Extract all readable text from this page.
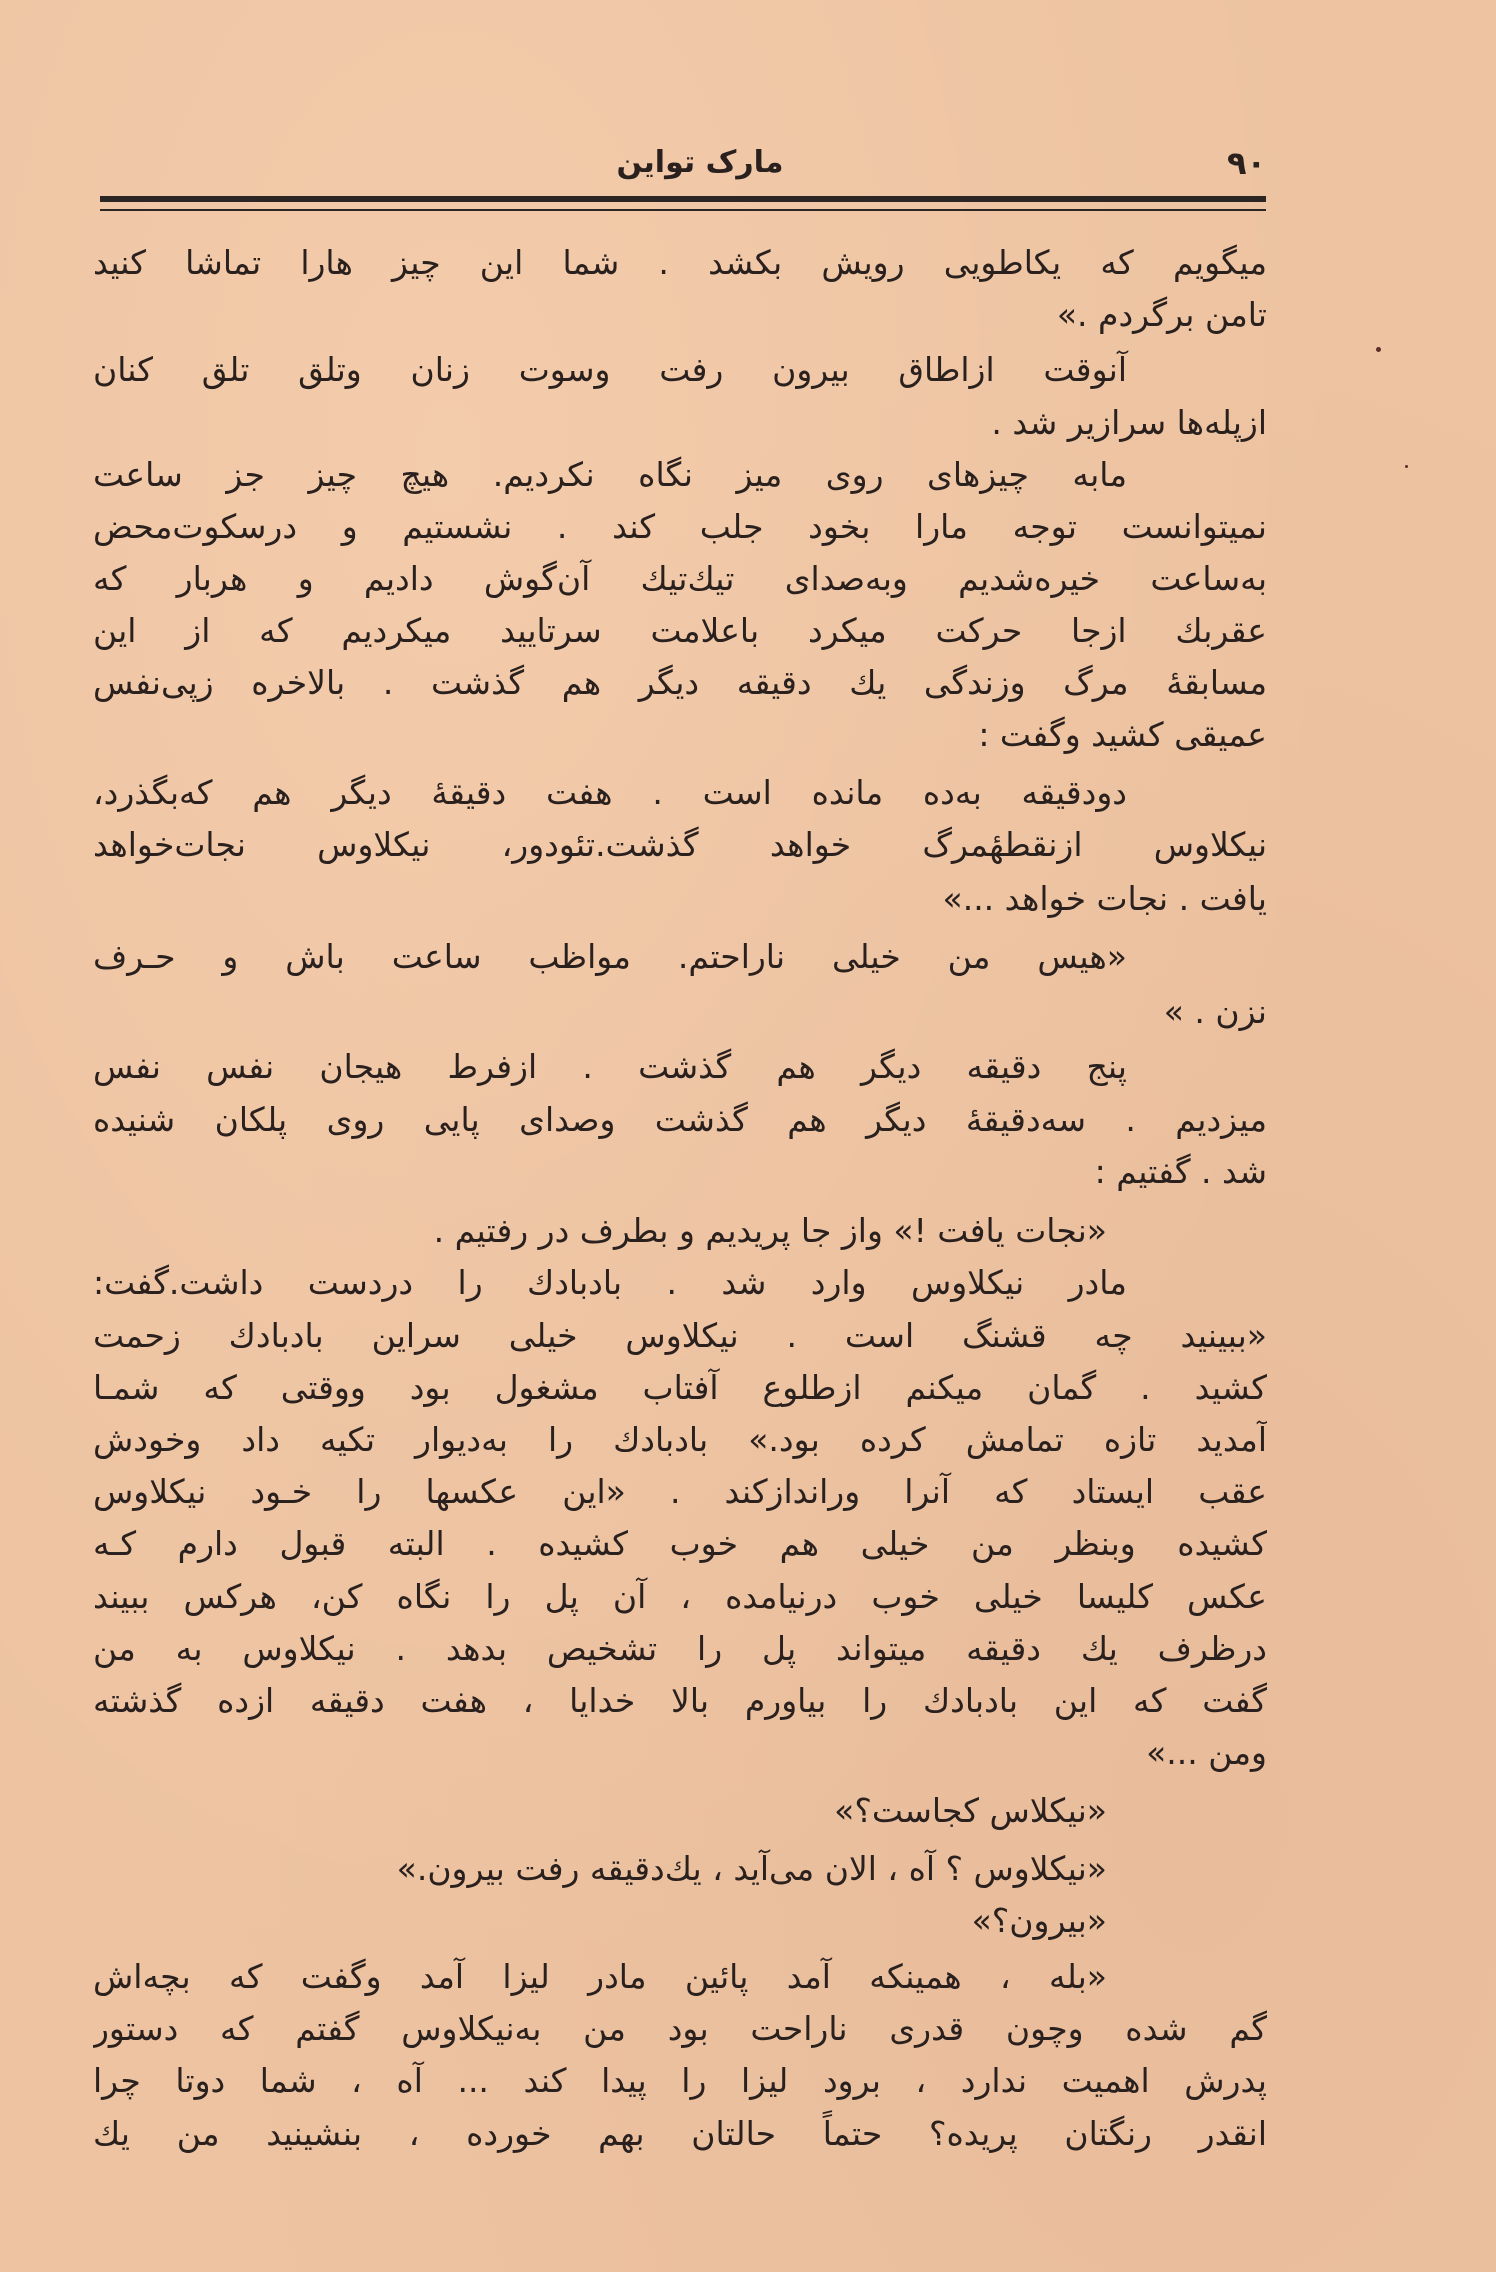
مارک تواین	۹۰
میگویم که یكاطویی رویش بکشد . شما این چیز هارا تماشا کنید
تامن برگردم .»
آنوقت ازاطاق بیرون رفت وسوت زنان وتلق تلق کنان
ازپله‌ها سرازیر شد .
مابه چیزهای روی میز نگاه نکردیم. هیچ چیز جز ساعت
نمیتوانست توجه مارا بخود جلب کند . نشستیم و درسکوت‌محض
به‌ساعت خیره‌شدیم وبه‌صدای تیك‌تیك آن‌گوش دادیم و هربار که
عقربك ازجا حرکت میکرد باعلامت سرتایید میکردیم که از این
مسابقهٔ مرگ وزندگی یك دقیقه دیگر هم گذشت . بالاخره زپی‌نفس
عمیقی کشید وگفت :
دودقیقه به‌ده مانده است . هفت دقیقهٔ دیگر هم که‌بگذرد،
نیکلاوس ازنقطهٔمرگ خواهد گذشت.تئودور، نیکلاوس نجات‌خواهد
یافت . نجات خواهد ...»
«هیس من خیلی ناراحتم. مواظب ساعت باش و حـرف
نزن . »
پنج دقیقه دیگر هم گذشت . ازفرط هیجان نفس نفس
میزدیم . سه‌دقیقهٔ دیگر هم گذشت وصدای پایی روی پلکان شنیده
شد . گفتیم :
«نجات یافت !» واز جا پریدیم و بطرف در رفتیم .
مادر نیکلاوس وارد شد . بادبادك را دردست داشت.گفت:
«ببینید چه قشنگ است . نیکلاوس خیلی سراین بادبادك زحمت
کشید . گمان میکنم ازطلوع آفتاب مشغول بود ووقتی که شمـا
آمدید تازه تمامش کرده بود.» بادبادك را به‌دیوار تکیه داد وخودش
عقب ایستاد که آنرا وراندازکند . «این عکسها را خـود نیکلاوس
کشیده وبنظر من خیلی هم خوب کشیده . البته قبول دارم کـه
عکس کلیسا خیلی خوب درنیامده ، آن پل را نگاه کن، هرکس ببیند
درظرف یك دقیقه میتواند پل را تشخیص بدهد . نیکلاوس به من
گفت که این بادبادك را بیاورم بالا خدایا ، هفت دقیقه ازده گذشته
ومن ...»
«نیکلاس کجاست؟»
«نیکلاوس ؟ آه ، الان می‌آید ، یك‌دقیقه رفت بیرون.»
«بیرون؟»
«بله ، همینکه آمد پائین مادر لیزا آمد وگفت که بچه‌اش
گم شده وچون قدری ناراحت بود من به‌نیکلاوس گفتم که دستور
پدرش اهمیت ندارد ، برود لیزا را پیدا کند ... آه ، شما دوتا چرا
انقدر رنگتان پریده؟ حتماً حالتان بهم خورده ، بنشینید من یك
